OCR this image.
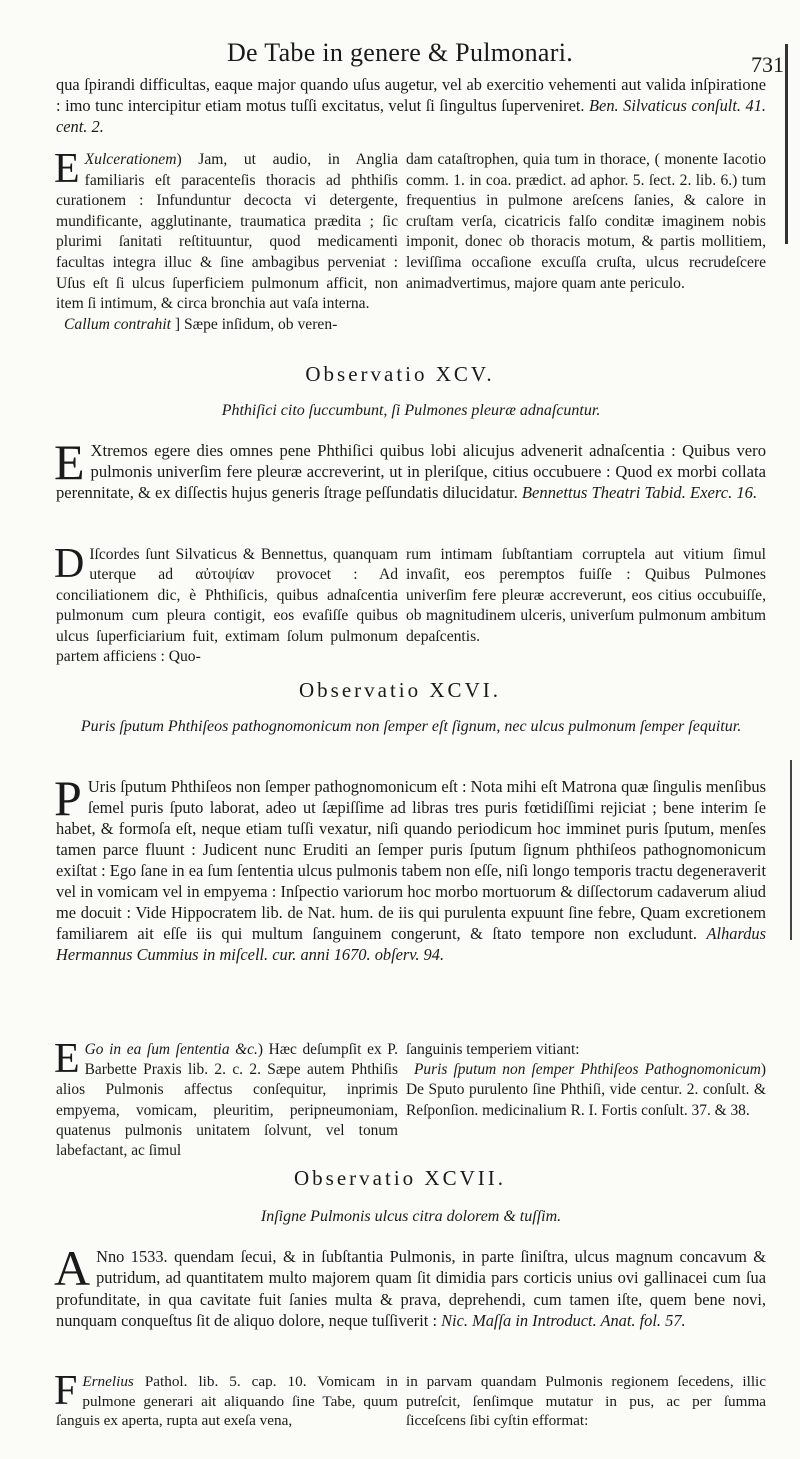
De Tabe in genere & Pulmonari.	731

qua ſpirandi difficultas, eaque major quando uſus augetur, vel ab exercitio vehementi aut valida inſpiratione : imo tunc intercipitur etiam motus tuſſi excitatus, velut ſi ſingultus ſuperveniret. Ben. Silvaticus conſult. 41. cent. 2.

E Xulcerationem) Jam, ut audio, in Anglia familiaris eſt paracenteſis thoracis ad phthiſis curationem : Infunduntur decocta vi detergente, mundificante, agglutinante, traumatica prædita ; ſic plurimi ſanitati reſtituuntur, quod medicamenti facultas integra illuc & ſine ambagibus perveniat : Uſus eſt ſi ulcus ſuperficiem pulmonum afficit, non item ſi intimum, & circa bronchia aut vaſa interna.
Callum contrahit ] Sæpe inſidum, ob veren-

dam cataſtrophen, quia tum in thorace, ( monente Iacotio comm. 1. in coa. prædict. ad aphor. 5. ſect. 2. lib. 6.) tum frequentius in pulmone areſcens ſanies, & calore in cruſtam verſa, cicatricis falſo conditæ imaginem nobis imponit, donec ob thoracis motum, & partis mollitiem, leviſſima occaſione excuſſa cruſta, ulcus recrudeſcere animadvertimus, majore quam ante periculo.

Observatio XCV.
Phthiſici cito ſuccumbunt, ſi Pulmones pleuræ adnaſcuntur.

E Xtremos egere dies omnes pene Phthiſici quibus lobi alicujus advenerit adnaſcentia : Quibus vero pulmonis univerſim fere pleuræ accreverint, ut in pleriſque, citius occubuere : Quod ex morbi collata perennitate, & ex diſſectis hujus generis ſtrage peſſundatis dilucidatur. Bennettus Theatri Tabid. Exerc. 16.

D Iſcordes ſunt Silvaticus & Bennettus, quanquam uterque ad αὐτοψίαν provocet : Ad conciliationem dic, è Phthiſicis, quibus adnaſcentia pulmonum cum pleura contigit, eos evaſiſſe quibus ulcus ſuperficiarium fuit, extimam ſolum pulmonum partem afficiens : Quo-

rum intimam ſubſtantiam corruptela aut vitium ſimul invaſit, eos peremptos fuiſſe : Quibus Pulmones univerſim fere pleuræ accreverunt, eos citius occubuiſſe, ob magnitudinem ulceris, univerſum pulmonum ambitum depaſcentis.

Observatio XCVI.
Puris ſputum Phthiſeos pathognomonicum non ſemper eſt ſignum, nec ulcus pulmonum ſemper ſequitur.

P Uris ſputum Phthiſeos non ſemper pathognomonicum eſt : Nota mihi eſt Matrona quæ ſingulis menſibus ſemel puris ſputo laborat, adeo ut ſæpiſſime ad libras tres puris fœtidiſſimi rejiciat ; bene interim ſe habet, & formoſa eſt, neque etiam tuſſi vexatur, niſi quando periodicum hoc imminet puris ſputum, menſes tamen parce fluunt : Judicent nunc Eruditi an ſemper puris ſputum ſignum phthiſeos pathognomonicum exiſtat : Ego ſane in ea ſum ſententia ulcus pulmonis tabem non eſſe, niſi longo temporis tractu degeneraverit vel in vomicam vel in empyema : Inſpectio variorum hoc morbo mortuorum & diſſectorum cadaverum aliud me docuit : Vide Hippocratem lib. de Nat. hum. de iis qui purulenta expuunt ſine febre, Quam excretionem familiarem ait eſſe iis qui multum ſanguinem congerunt, & ſtato tempore non excludunt. Alhardus Hermannus Cummius in miſcell. cur. anni 1670. obſerv. 94.

E Go in ea ſum ſententia &c.) Hæc deſumpſit ex P. Barbette Praxis lib. 2. c. 2. Sæpe autem Phthiſis alios Pulmonis affectus conſequitur, inprimis empyema, vomicam, pleuritim, peripneumoniam, quatenus pulmonis unitatem ſolvunt, vel tonum labefactant, ac ſimul

ſanguinis temperiem vitiant:
Puris ſputum non ſemper Phthiſeos Pathognomonicum) De Sputo purulento ſine Phthiſi, vide centur. 2. conſult. & Reſponſion. medicinalium R. I. Fortis conſult. 37. & 38.

Observatio XCVII.
Inſigne Pulmonis ulcus citra dolorem & tuſſim.

A Nno 1533. quendam ſecui, & in ſubſtantia Pulmonis, in parte ſiniſtra, ulcus magnum concavum & putridum, ad quantitatem multo majorem quam ſit dimidia pars corticis unius ovi gallinacei cum ſua profunditate, in qua cavitate fuit ſanies multa & prava, deprehendi, cum tamen iſte, quem bene novi, nunquam conqueſtus ſit de aliquo dolore, neque tuſſiverit : Nic. Maſſa in Introduct. Anat. fol. 57.

F Ernelius Pathol. lib. 5. cap. 10. Vomicam in pulmone generari ait aliquando ſine Tabe, quum ſanguis ex aperta, rupta aut exeſa vena,

in parvam quandam Pulmonis regionem ſecedens, illic putreſcit, ſenſimque mutatur in pus, ac per ſumma ſicceſcens ſibi cyſtin efformat:
